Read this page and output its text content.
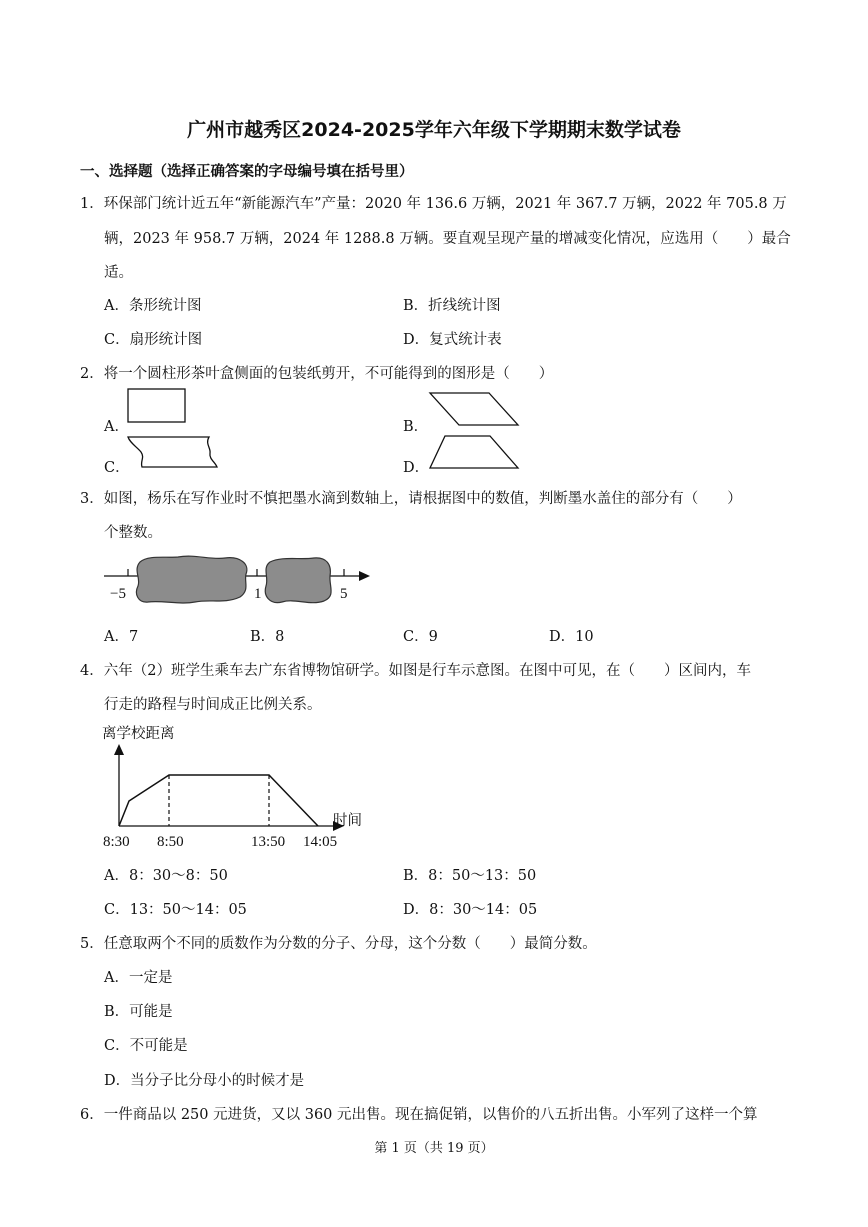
广州市越秀区2024-2025学年六年级下学期期末数学试卷
一、选择题（选择正确答案的字母编号填在括号里）
1．环保部门统计近五年“新能源汽车”产量：2020 年 136.6 万辆，2021 年 367.7 万辆，2022 年 705.8 万
辆，2023 年 958.7 万辆，2024 年 1288.8 万辆。要直观呈现产量的增减变化情况，应选用（　　）最合
适。
A．条形统计图	B．折线统计图
C．扇形统计图	D．复式统计表
2．将一个圆柱形茶叶盒侧面的包装纸剪开，不可能得到的图形是（　　）
A．	B．
C．	D．
3．如图，杨乐在写作业时不慎把墨水滴到数轴上，请根据图中的数值，判断墨水盖住的部分有（　　）
个整数。
−5	1	5
A．7	B．8	C．9	D．10
4．六年（2）班学生乘车去广东省博物馆研学。如图是行车示意图。在图中可见，在（　　）区间内，车
行走的路程与时间成正比例关系。
离学校距离
时间
8:30 8:50	13:50 14:05
A．8：30～8：50	B．8：50～13：50
C．13：50～14：05	D．8：30～14：05
5．任意取两个不同的质数作为分数的分子、分母，这个分数（　　）最简分数。
A．一定是
B．可能是
C．不可能是
D．当分子比分母小的时候才是
6．一件商品以 250 元进货，又以 360 元出售。现在搞促销，以售价的八五折出售。小军列了这样一个算
第 1 页（共 19 页）
